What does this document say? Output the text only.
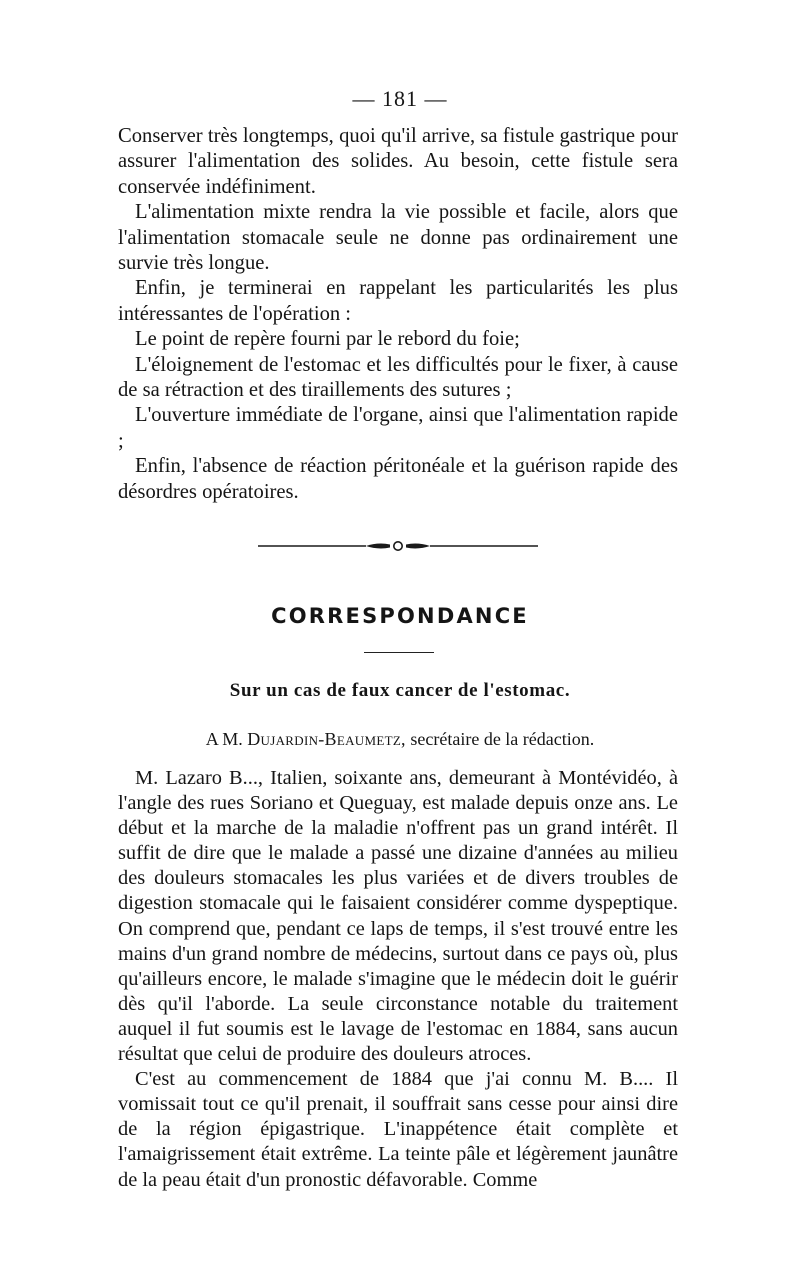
— 181 —

Conserver très longtemps, quoi qu'il arrive, sa fistule gastrique pour assurer l'alimentation des solides. Au besoin, cette fistule sera conservée indéfiniment.

L'alimentation mixte rendra la vie possible et facile, alors que l'alimentation stomacale seule ne donne pas ordinairement une survie très longue.

Enfin, je terminerai en rappelant les particularités les plus intéressantes de l'opération :

Le point de repère fourni par le rebord du foie;

L'éloignement de l'estomac et les difficultés pour le fixer, à cause de sa rétraction et des tiraillements des sutures ;

L'ouverture immédiate de l'organe, ainsi que l'alimentation rapide ;

Enfin, l'absence de réaction péritonéale et la guérison rapide des désordres opératoires.

CORRESPONDANCE
Sur un cas de faux cancer de l'estomac.
A M. Dujardin-Beaumetz, secrétaire de la rédaction.

M. Lazaro B..., Italien, soixante ans, demeurant à Montévidéo, à l'angle des rues Soriano et Queguay, est malade depuis onze ans. Le début et la marche de la maladie n'offrent pas un grand intérêt. Il suffit de dire que le malade a passé une dizaine d'années au milieu des douleurs stomacales les plus variées et de divers troubles de digestion stomacale qui le faisaient considérer comme dyspeptique. On comprend que, pendant ce laps de temps, il s'est trouvé entre les mains d'un grand nombre de médecins, surtout dans ce pays où, plus qu'ailleurs encore, le malade s'imagine que le médecin doit le guérir dès qu'il l'aborde. La seule circonstance notable du traitement auquel il fut soumis est le lavage de l'estomac en 1884, sans aucun résultat que celui de produire des douleurs atroces.

C'est au commencement de 1884 que j'ai connu M. B.... Il vomissait tout ce qu'il prenait, il souffrait sans cesse pour ainsi dire de la région épigastrique. L'inappétence était complète et l'amaigrissement était extrême. La teinte pâle et légèrement jaunâtre de la peau était d'un pronostic défavorable. Comme
